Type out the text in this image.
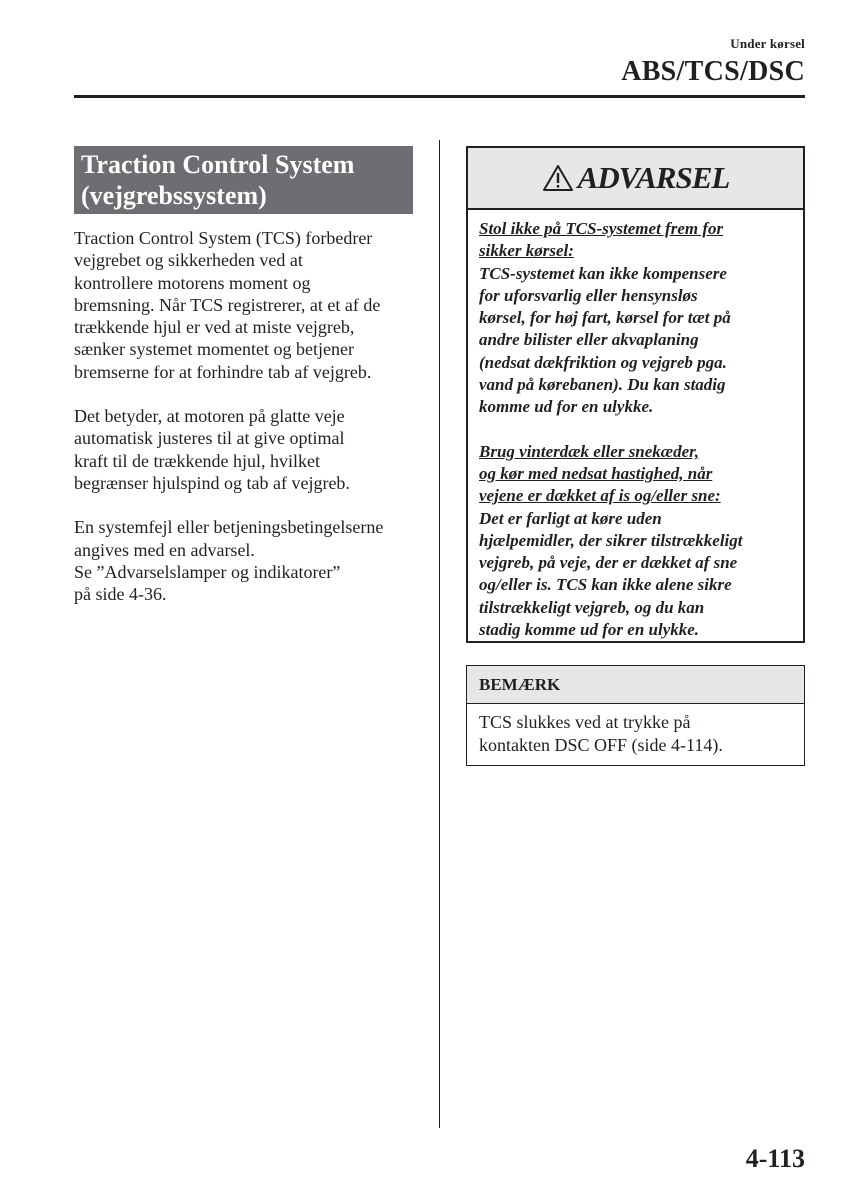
Under kørsel
ABS/TCS/DSC
Traction Control System
(vejgrebssystem)

Traction Control System (TCS) forbedrer
vejgrebet og sikkerheden ved at
kontrollere motorens moment og
bremsning. Når TCS registrerer, at et af de
trækkende hjul er ved at miste vejgreb,
sænker systemet momentet og betjener
bremserne for at forhindre tab af vejgreb.

Det betyder, at motoren på glatte veje
automatisk justeres til at give optimal
kraft til de trækkende hjul, hvilket
begrænser hjulspind og tab af vejgreb.

En systemfejl eller betjeningsbetingelserne
angives med en advarsel.
Se ”Advarselslamper og indikatorer”
på side 4-36.

ADVARSEL

Stol ikke på TCS-systemet frem for
sikker kørsel:
TCS-systemet kan ikke kompensere
for uforsvarlig eller hensynsløs
kørsel, for høj fart, kørsel for tæt på
andre bilister eller akvaplaning
(nedsat dækfriktion og vejgreb pga.
vand på kørebanen). Du kan stadig
komme ud for en ulykke.

Brug vinterdæk eller snekæder,
og kør med nedsat hastighed, når
vejene er dækket af is og/eller sne:
Det er farligt at køre uden
hjælpemidler, der sikrer tilstrækkeligt
vejgreb, på veje, der er dækket af sne
og/eller is. TCS kan ikke alene sikre
tilstrækkeligt vejgreb, og du kan
stadig komme ud for en ulykke.

BEMÆRK
TCS slukkes ved at trykke på
kontakten DSC OFF (side 4-114).
4-113
